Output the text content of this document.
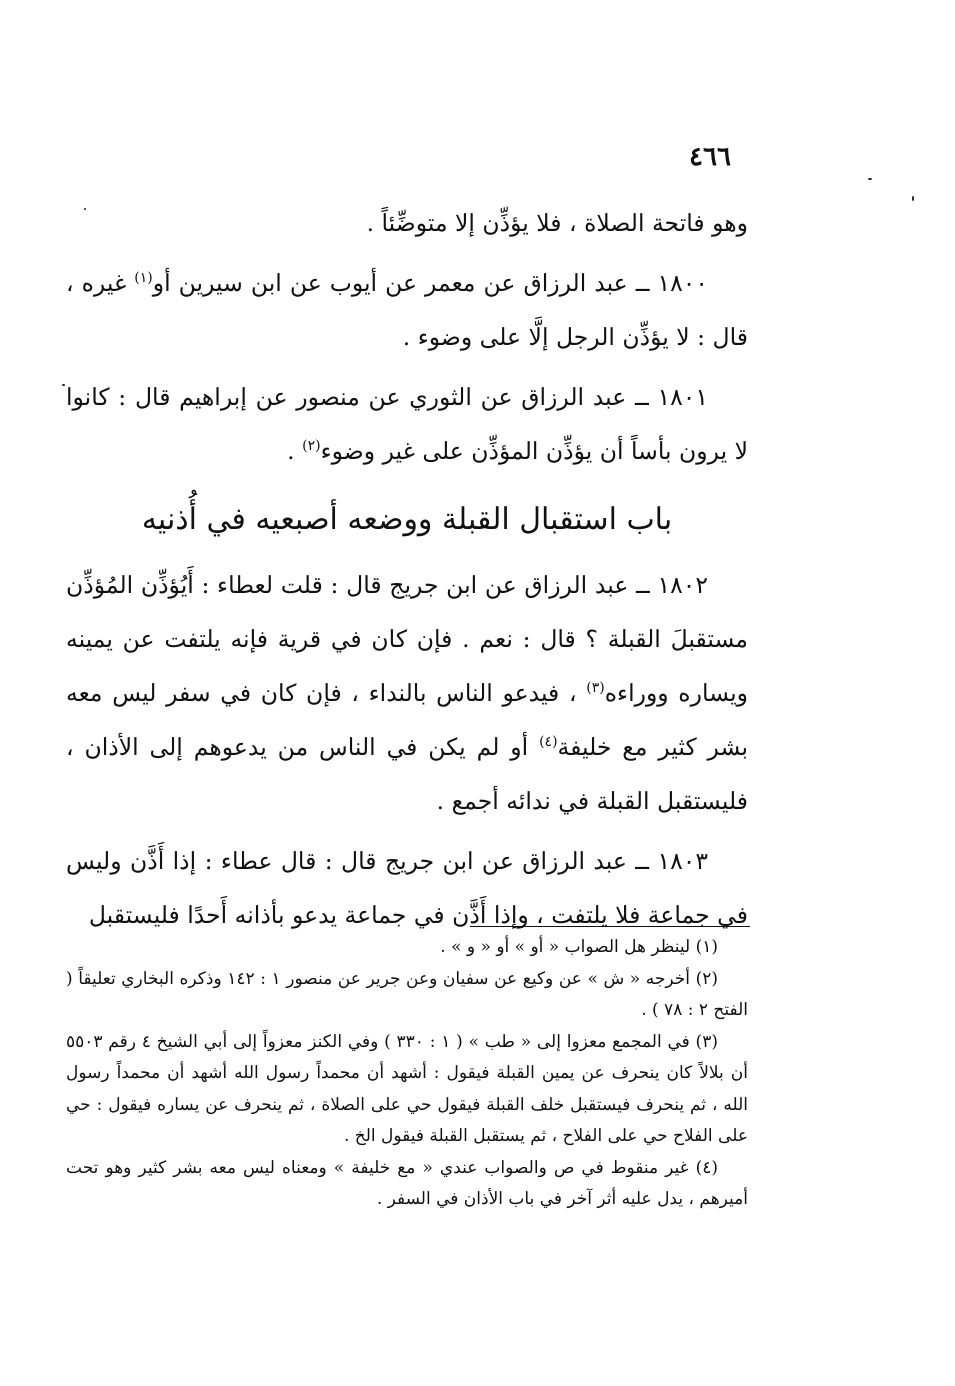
٤٦٦

وهو فاتحة الصلاة ، فلا يؤذِّن إلا متوضِّئاً .

١٨٠٠ ــ عبد الرزاق عن معمر عن أيوب عن ابن سيرين أو$^{(١)}$ غيره ، قال : لا يؤذِّن الرجل إلَّا على وضوء .

١٨٠١ ــ عبد الرزاق عن الثوري عن منصور عن إبراهيم قال : كانوا لا يرون بأساً أن يؤذِّن المؤذِّن على غير وضوء$^{(٢)}$ .

باب استقبال القبلة ووضعه أصبعيه في أُذنيه

١٨٠٢ ــ عبد الرزاق عن ابن جريج قال : قلت لعطاء : أَيُؤذِّن المُؤذِّن مستقبلَ القبلة ؟ قال : نعم . فإن كان في قرية فإنه يلتفت عن يمينه ويساره ووراءه$^{(٣)}$ ، فيدعو الناس بالنداء ، فإن كان في سفر ليس معه بشر كثير مع خليفة$^{(٤)}$ أو لم يكن في الناس من يدعوهم إلى الأذان ، فليستقبل القبلة في ندائه أجمع .

١٨٠٣ ــ عبد الرزاق عن ابن جريج قال : قال عطاء : إذا أَذَّن وليس في جماعة فلا يلتفت ، وإذا أَذَّن في جماعة يدعو بأذانه أَحدًا فليستقبل

(١) لينظر هل الصواب « أو » أو « و » .

(٢) أخرجه « ش » عن وكيع عن سفيان وعن جرير عن منصور ١ : ١٤٢ وذكره البخاري تعليقاً ( الفتح ٢ : ٧٨ ) .

(٣) في المجمع معزوا إلى « طب » ( ١ : ٣٣٠ ) وفي الكنز معزواً إلى أبي الشيخ ٤ رقم ٥٥٠٣ أن بلالاً كان ينحرف عن يمين القبلة فيقول : أشهد أن محمداً رسول الله أشهد أن محمداً رسول الله ، ثم ينحرف فيستقبل خلف القبلة فيقول حي على الصلاة ، ثم ينحرف عن يساره فيقول : حي على الفلاح حي على الفلاح ، ثم يستقبل القبلة فيقول الخ .

(٤) غير منقوط في ص والصواب عندي « مع خليفة » ومعناه ليس معه بشر كثير وهو تحت أميرهم ، يدل عليه أثر آخر في باب الأذان في السفر .
